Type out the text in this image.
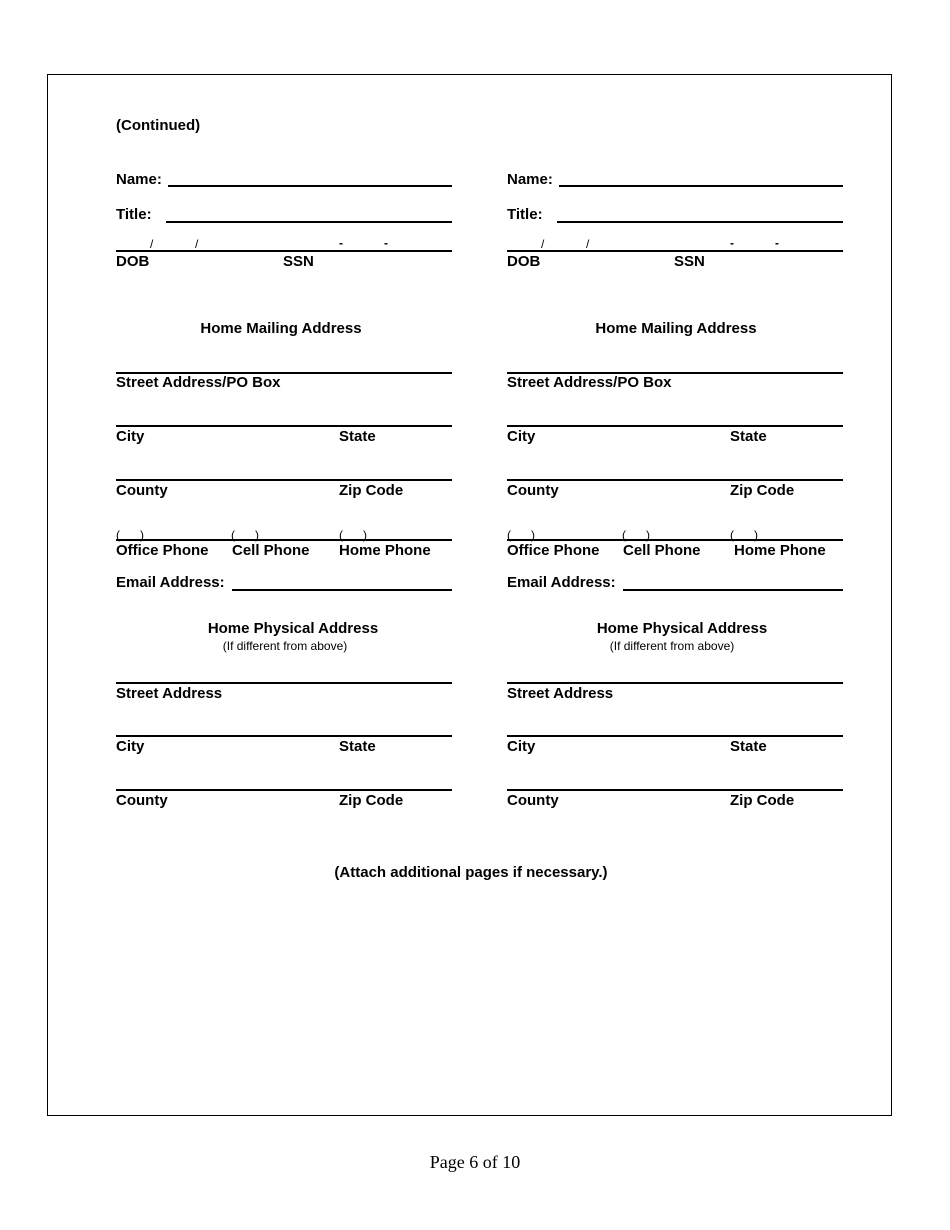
(Continued)
Name:
Title:
/	/	-	-
DOB	SSN
Home Mailing Address
Street Address/PO Box
City	State
County	Zip Code
(      )	(      )	(      )
Office Phone Cell Phone Home Phone
Email Address:
Home Physical Address
(If different from above)
Street Address
City	State
County	Zip Code
Name:
Title:
/	/	-	-
DOB	SSN
Home Mailing Address
Street Address/PO Box
City	State
County	Zip Code
(      )	(      )	(      )
Office Phone Cell Phone Home Phone
Email Address:
Home Physical Address
(If different from above)
Street Address
City	State
County	Zip Code
(Attach additional pages if necessary.)
Page 6 of 10
